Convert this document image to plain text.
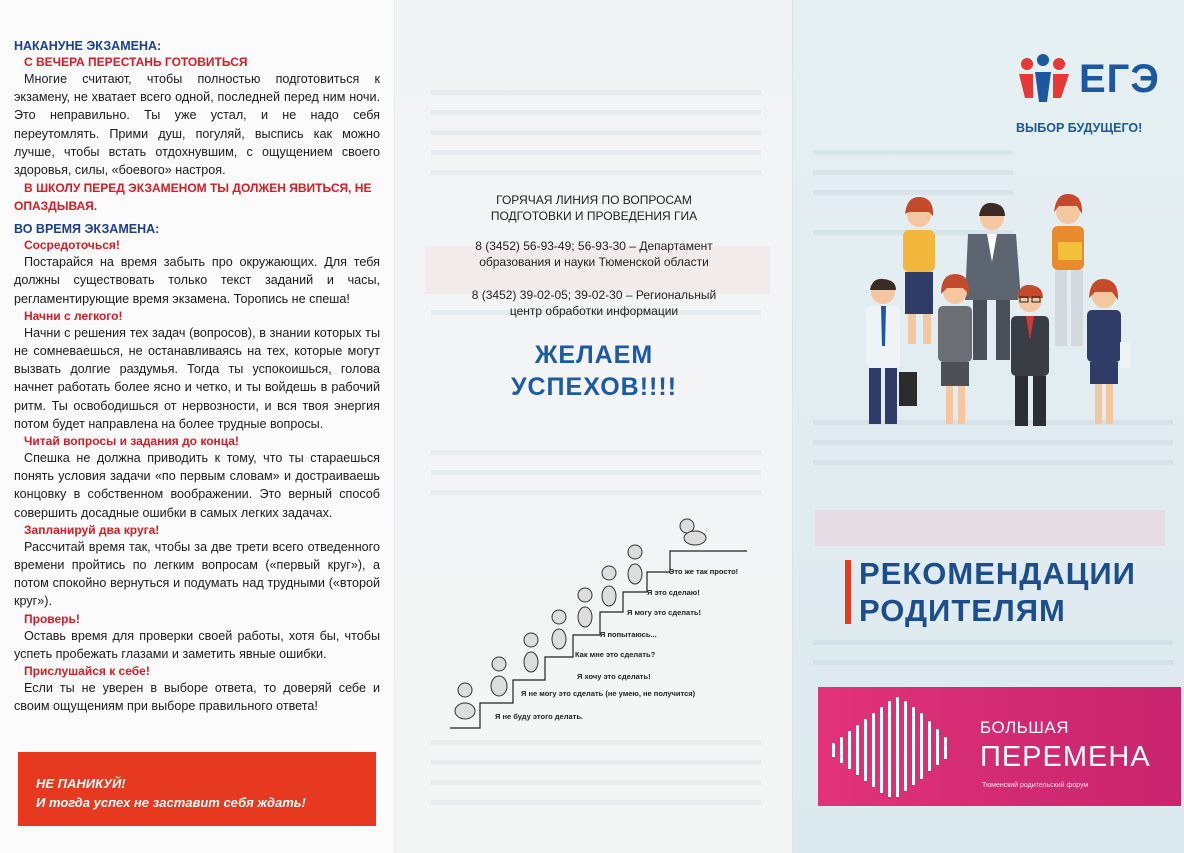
НАКАНУНЕ ЭКЗАМЕНА:

С ВЕЧЕРА ПЕРЕСТАНЬ ГОТОВИТЬСЯ

Многие считают, чтобы полностью подготовиться к экзамену, не хватает всего одной, последней перед ним ночи. Это неправильно. Ты уже устал, и не надо себя переутомлять. Прими душ, погуляй, выспись как можно лучше, чтобы встать отдохнувшим, с ощущением своего здоровья, силы, «боевого» настроя.

В ШКОЛУ ПЕРЕД ЭКЗАМЕНОМ ТЫ ДОЛЖЕН ЯВИТЬСЯ, НЕ ОПАЗДЫВАЯ.

ВО ВРЕМЯ ЭКЗАМЕНА:

Сосредоточься!

Постарайся на время забыть про окружающих. Для тебя должны существовать только текст заданий и часы, регламентирующие время экзамена. Торопись не спеша!

Начни с легкого!

Начни с решения тех задач (вопросов), в знании которых ты не сомневаешься, не останавливаясь на тех, которые могут вызвать долгие раздумья. Тогда ты успокоишься, голова начнет работать более ясно и четко, и ты войдешь в рабочий ритм. Ты освободишься от нервозности, и вся твоя энергия потом будет направлена на более трудные вопросы.

Читай вопросы и задания до конца!

Спешка не должна приводить к тому, что ты стараешься понять условия задачи «по первым словам» и достраиваешь концовку в собственном воображении. Это верный способ совершить досадные ошибки в самых легких задачах.

Запланируй два круга!

Рассчитай время так, чтобы за две трети всего отведенного времени пройтись по легким вопросам («первый круг»), а потом спокойно вернуться и подумать над трудными («второй круг»).

Проверь!

Оставь время для проверки своей работы, хотя бы, чтобы успеть пробежать глазами и заметить явные ошибки.

Прислушайся к себе!

Если ты не уверен в выборе ответа, то доверяй себе и своим ощущениям при выборе правильного ответа!

НЕ ПАНИКУЙ!
И тогда успех не заставит себя ждать!
ГОРЯЧАЯ ЛИНИЯ ПО ВОПРОСАМ
ПОДГОТОВКИ И ПРОВЕДЕНИЯ ГИА
8 (3452) 56-93-49; 56-93-30 – Департамент
образования и науки Тюменской области
8 (3452) 39-02-05; 39-02-30 – Региональный
центр обработки информации
ЖЕЛАЕМ
УСПЕХОВ!!!!
Я не буду этого делать.
Я не могу это сделать (не умею, не получится)
Как мне это сделать?
Я хочу это сделать!
Я попытаюсь...
Я могу это сделать!
Я это сделаю!
Это же так просто!
ЕГЭ
ВЫБОР БУДУЩЕГО!
РЕКОМЕНДАЦИИ
РОДИТЕЛЯМ
БОЛЬШАЯ
ПЕРЕМЕНА
Тюменский родительский форум
